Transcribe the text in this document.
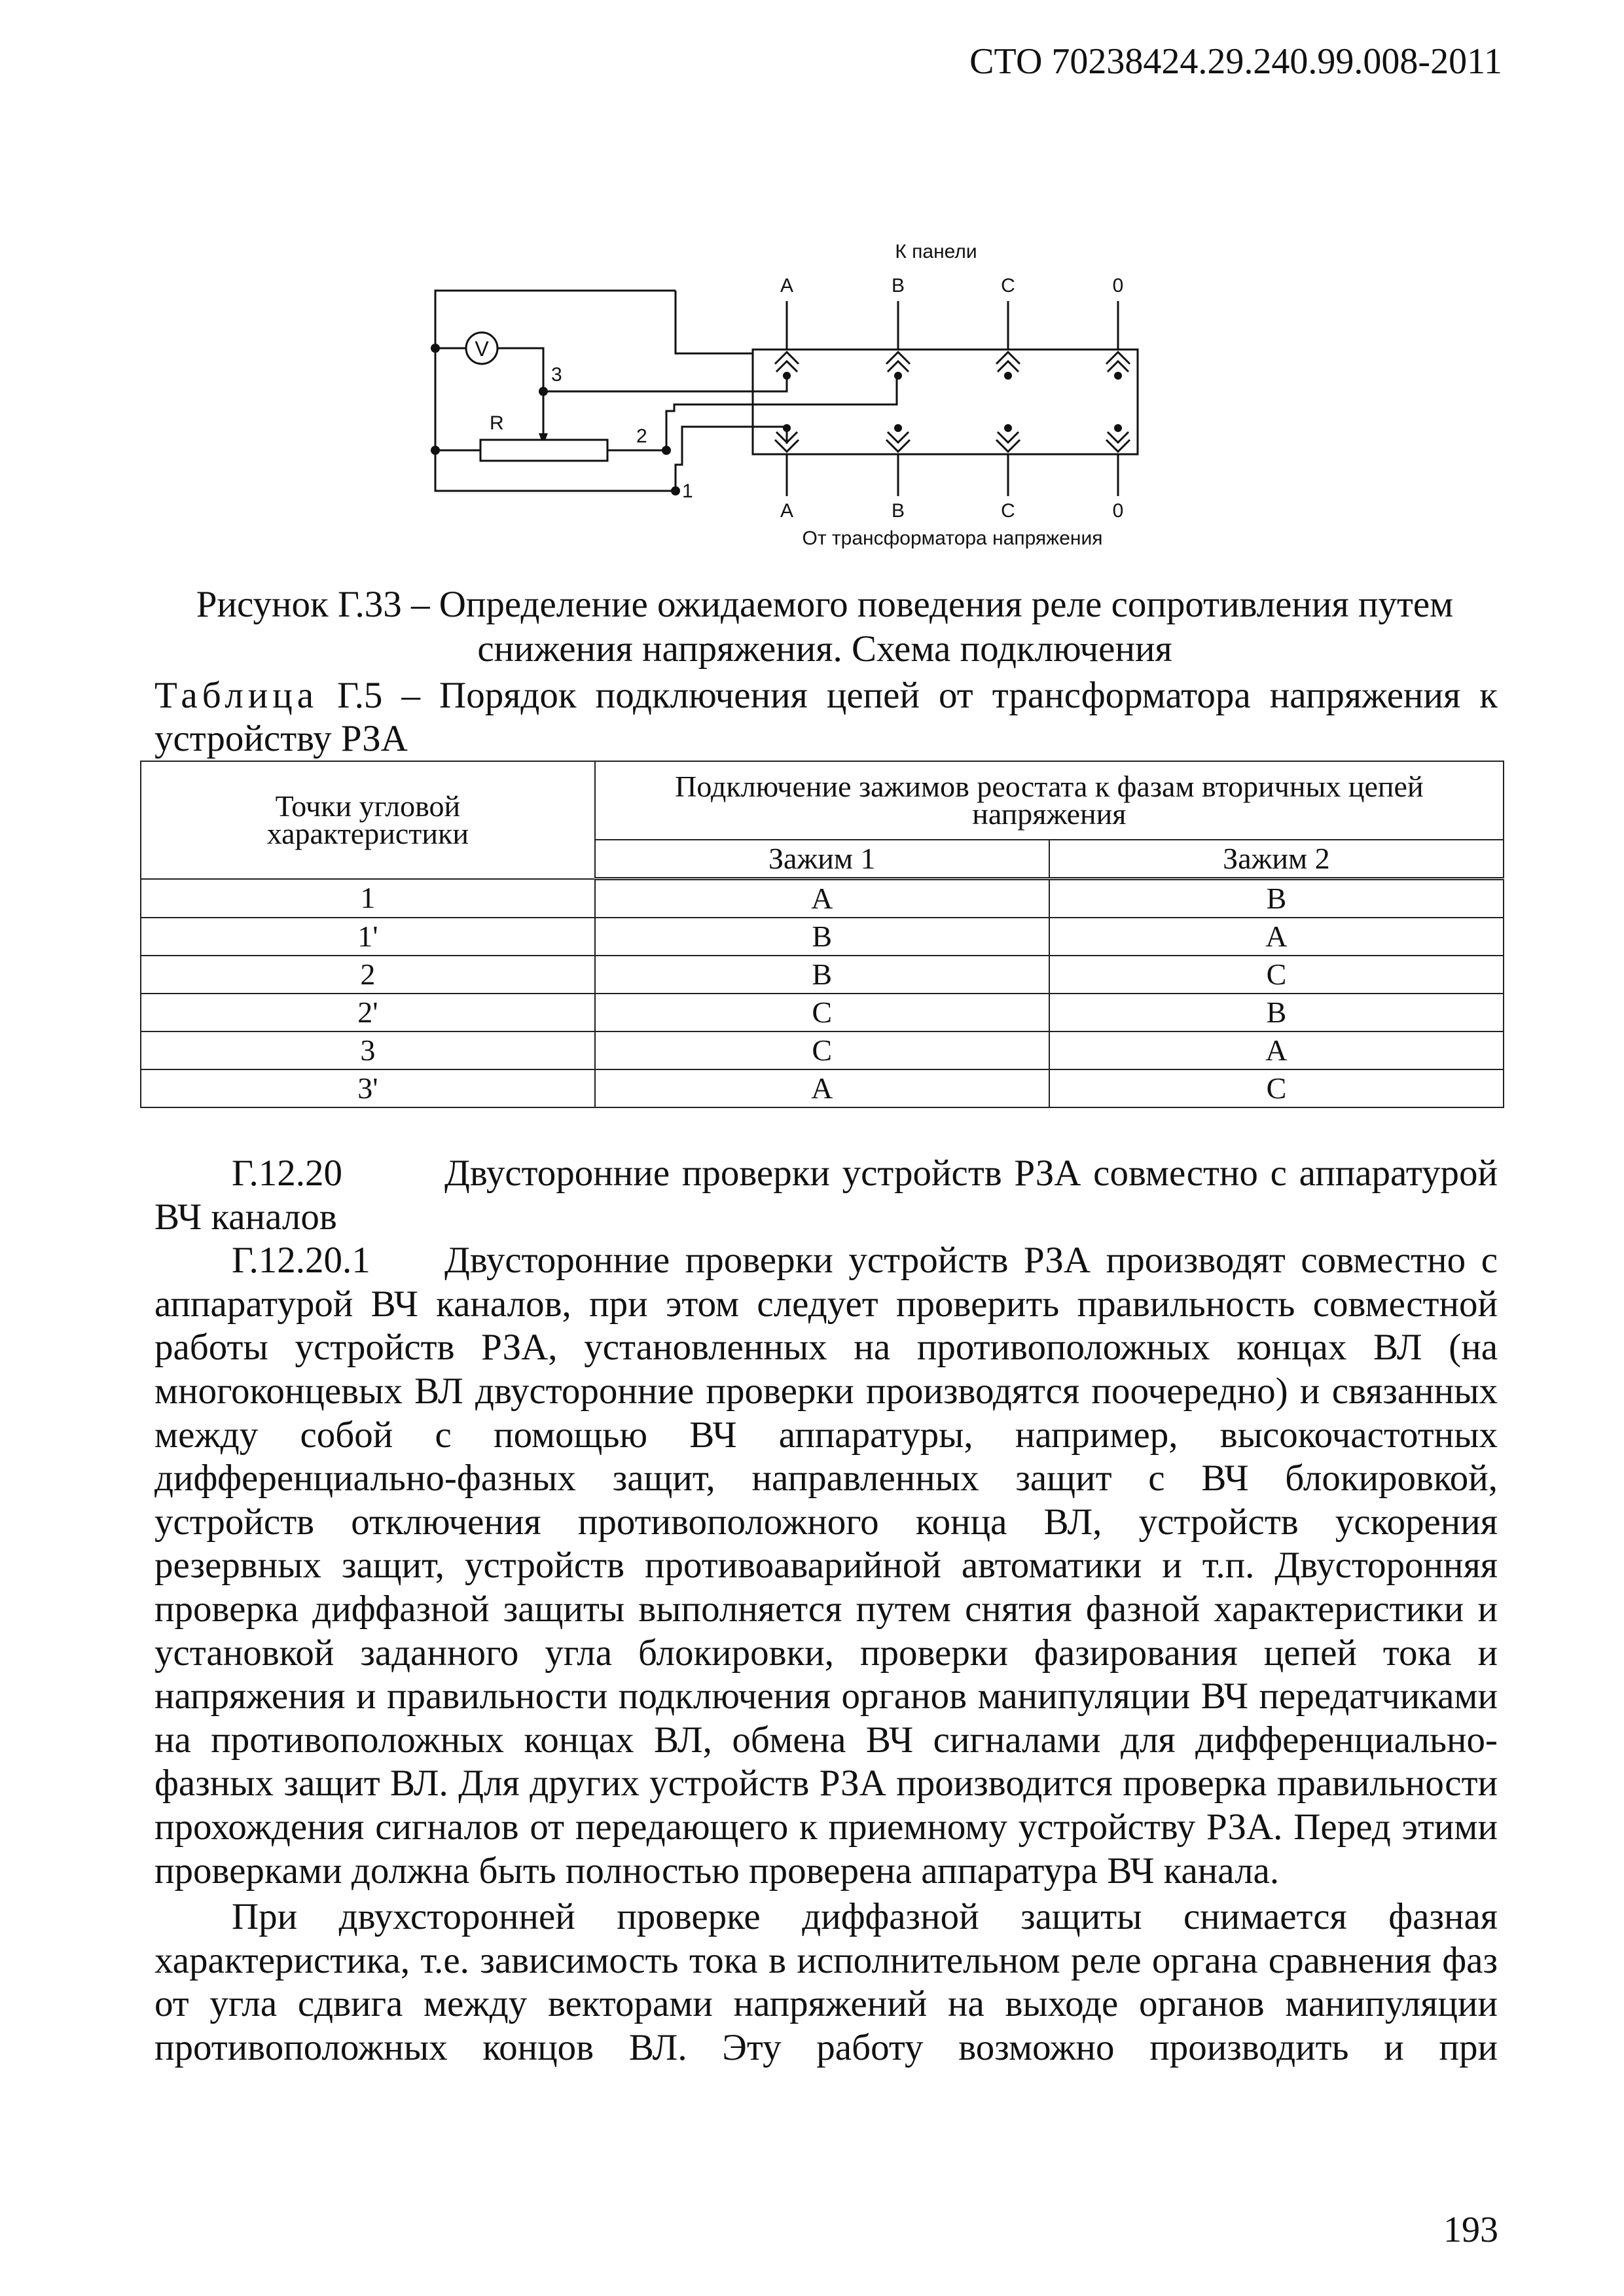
СТО 70238424.29.240.99.008-2011
V
R
1
2
3
К панели
A	B	C	0
A	B	C	0
От трансформатора напряжения
Рисунок Г.33 – Определение ожидаемого поведения реле сопротивления путем
снижения напряжения. Схема подключения
Таблица Г.5 – Порядок подключения цепей от трансформатора напряжения к устройству РЗА
Точки угловой характеристики	Подключение зажимов реостата к фазам вторичных цепей напряжения	
	Зажим 1	Зажим 2
1	А	В
1'	В	А
2	В	С
2'	С	В
3	С	А
3'	А	С

Г.12.20	Двусторонние проверки устройств РЗА совместно с аппаратурой ВЧ каналов

Г.12.20.1 Двусторонние проверки устройств РЗА производят совместно с аппаратурой ВЧ каналов, при этом следует проверить правильность совместной работы устройств РЗА, установленных на противоположных концах ВЛ (на многоконцевых ВЛ двусторонние проверки производятся поочередно) и связанных между собой с помощью ВЧ аппаратуры, например, высокочастотных дифференциально-фазных защит, направленных защит с ВЧ блокировкой, устройств отключения противоположного конца ВЛ, устройств ускорения резервных защит, устройств противоаварийной автоматики и т.п. Двусторонняя проверка диффазной защиты выполняется путем снятия фазной характеристики и установкой заданного угла блокировки, проверки фазирования цепей тока и напряжения и правильности подключения органов манипуляции ВЧ передатчиками на противоположных концах ВЛ, обмена ВЧ сигналами для дифференциально-фазных защит ВЛ. Для других устройств РЗА производится проверка правильности прохождения сигналов от передающего к приемному устройству РЗА. Перед этими проверками должна быть полностью проверена аппаратура ВЧ канала.

При двухсторонней проверке диффазной защиты снимается фазная характеристика, т.е. зависимость тока в исполнительном реле органа сравнения фаз от угла сдвига между векторами напряжений на выходе органов манипуляции противоположных концов ВЛ. Эту работу возможно производить и при

193
